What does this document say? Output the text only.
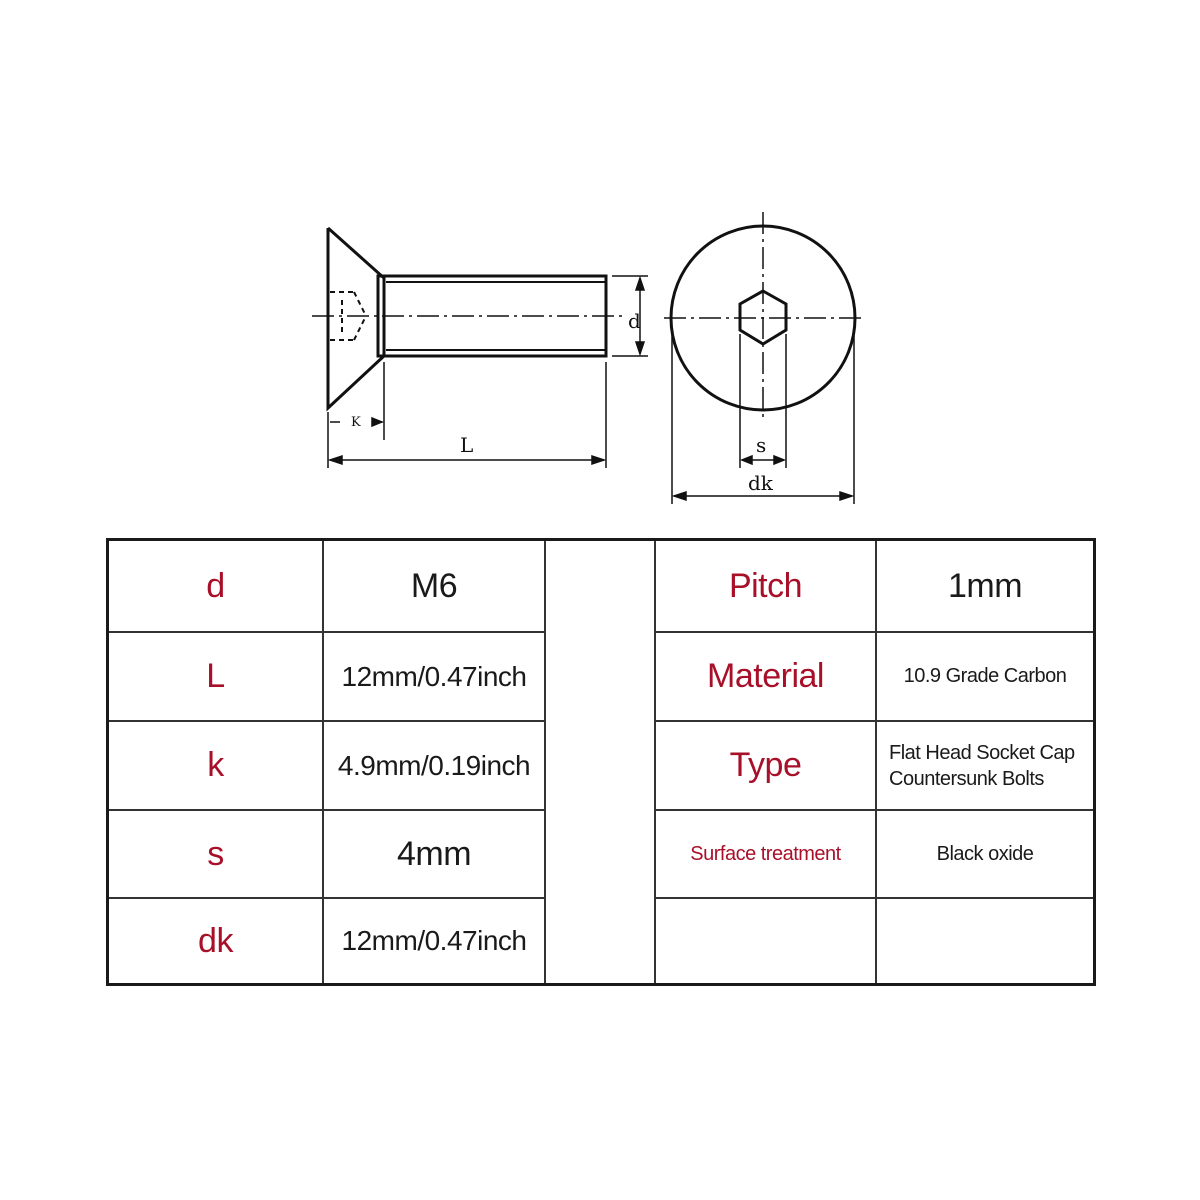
d
K
L	s
dk
d	M6
L	12mm/0.47inch
k	4.9mm/0.19inch
s	4mm
dk	12mm/0.47inch
Pitch	1mm
Material	10.9 Grade Carbon
Type	Flat Head Socket Cap
Countersunk Bolts
Surface treatment	Black oxide
